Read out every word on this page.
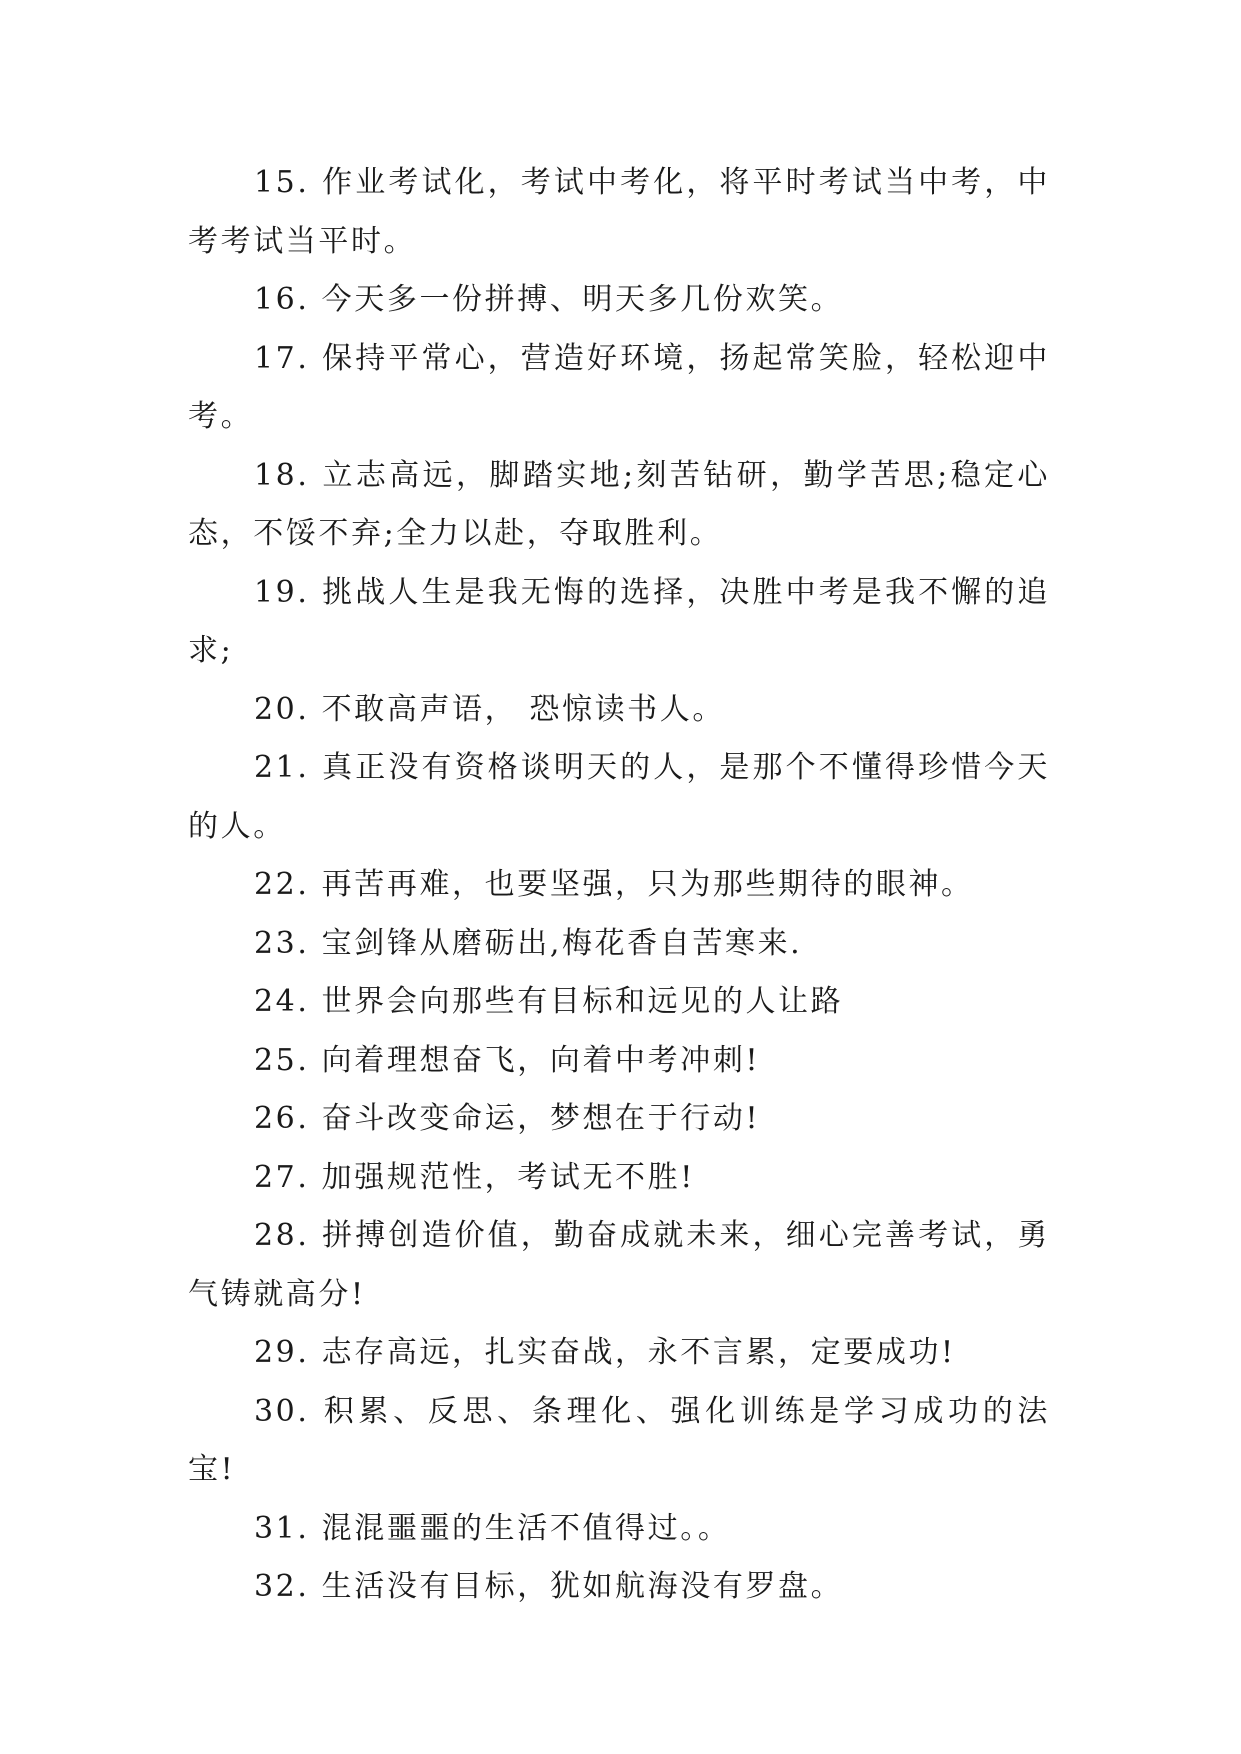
15. 作业考试化，考试中考化，将平时考试当中考，中考考试当平时。

16. 今天多一份拼搏、明天多几份欢笑。

17. 保持平常心，营造好环境，扬起常笑脸，轻松迎中考。

18. 立志高远，脚踏实地;刻苦钻研，勤学苦思;稳定心态，不馁不弃;全力以赴，夺取胜利。

19. 挑战人生是我无悔的选择，决胜中考是我不懈的追求;

20. 不敢高声语， 恐惊读书人。

21. 真正没有资格谈明天的人，是那个不懂得珍惜今天的人。

22. 再苦再难，也要坚强，只为那些期待的眼神。

23. 宝剑锋从磨砺出,梅花香自苦寒来.

24. 世界会向那些有目标和远见的人让路

25. 向着理想奋飞，向着中考冲刺!

26. 奋斗改变命运，梦想在于行动!

27. 加强规范性，考试无不胜!

28. 拼搏创造价值，勤奋成就未来，细心完善考试，勇气铸就高分!

29. 志存高远，扎实奋战，永不言累，定要成功!

30. 积累、反思、条理化、强化训练是学习成功的法宝!

31. 混混噩噩的生活不值得过。。

32. 生活没有目标，犹如航海没有罗盘。
